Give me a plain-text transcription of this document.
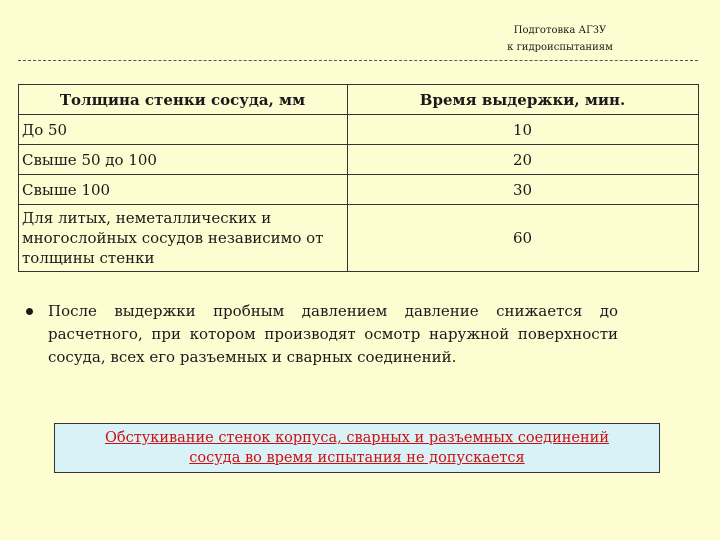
Подготовка АГЗУ
к гидроиспытаниям
Толщина стенки сосуда, мм	Время выдержки, мин.
До 50	10
Свыше 50 до 100	20
Свыше 100	30
Для литых, неметаллических и многослойных сосудов независимо от толщины стенки	60
После выдержки пробным давлением давление снижается до расчетного, при котором производят осмотр наружной поверхности сосуда, всех его разъемных и сварных соединений.
Обстукивание стенок корпуса, сварных и разъемных соединений
сосуда во время испытания не допускается
